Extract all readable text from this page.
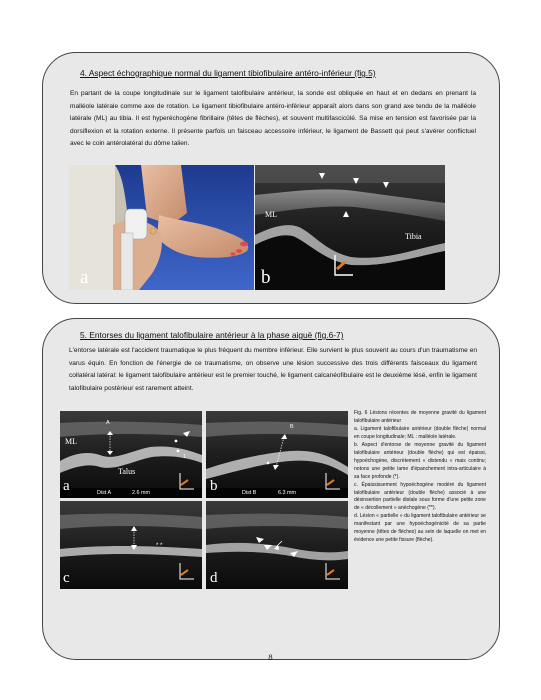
4. Aspect échographique normal du ligament tibiofibulaire antéro-inférieur (fig.5)
En partant de la coupe longitudinale sur le ligament talofibulaire antérieur, la sonde est obliquée en haut et en dedans en prenant la malléole latérale comme axe de rotation. Le ligament tibiofibulaire antéro-inférieur apparaît alors dans son grand axe tendu de la malléole latérale (ML) au tibia. Il est hyperéchogène fibrillaire (têtes de flèches), et souvent multifascicülé. Sa mise en tension est favorisée par la dorsiflexion et la rotation externe. Il présente parfois un faisceau accessoire inférieur, le ligament de Bassett qui peut s'avérer conflictuel avec le coin antérolatéral du dôme talien.
a	b
ML
Tibia
5. Entorses du ligament talofibulaire antérieur à la phase aiguë (fig.6-7)
L'entorse latérale est l'accident traumatique le plus fréquent du membre inférieur. Elle survient le plus souvent au cours d'un traumatisme en varus équin. En fonction de l'énergie de ce traumatisme, on observe une lésion successive des trois différents faisceaux du ligament collatéral latéral: le ligament talofibulaire antérieur est le premier touché, le ligament calcanéofibulaire est le deuxième lésé, enfin le ligament talofibulaire postérieur est rarement atteint.
a
ML
Talus
A
Dist A	2.6 mm
1
b
B
Dist B	6.3 mm
* *
c	d

Fig. 6 Lésions récentes de moyenne gravité du ligament talofibulaire antérieur

a. Ligament talofibulaire antérieur (double flèche) normal en coupe longitudinale; ML : malléole latérale.

b. Aspect d'entorse de moyenne gravité du ligament talofibulaire antérieur (double flèche) qui est épaissi, hypoéchogène, discrètement « distendu » mais continu; notons une petite lame d'épanchement intra-articulaire à sa face profonde (*).

c. Épaississement hypoéchogène modéré du ligament talofibulaire antérieur (double flèche) associé à une désinsertion partielle distale sous forme d'une petite zone de « décollement » anéchogène (**).

d. Lésion « partielle » du ligament talofibulaire antérieur se manifestant par une hypoéchogénicité de sa partie moyenne (têtes de flèches) au sein de laquelle on met en évidence une petite fissure (flèche).

8
